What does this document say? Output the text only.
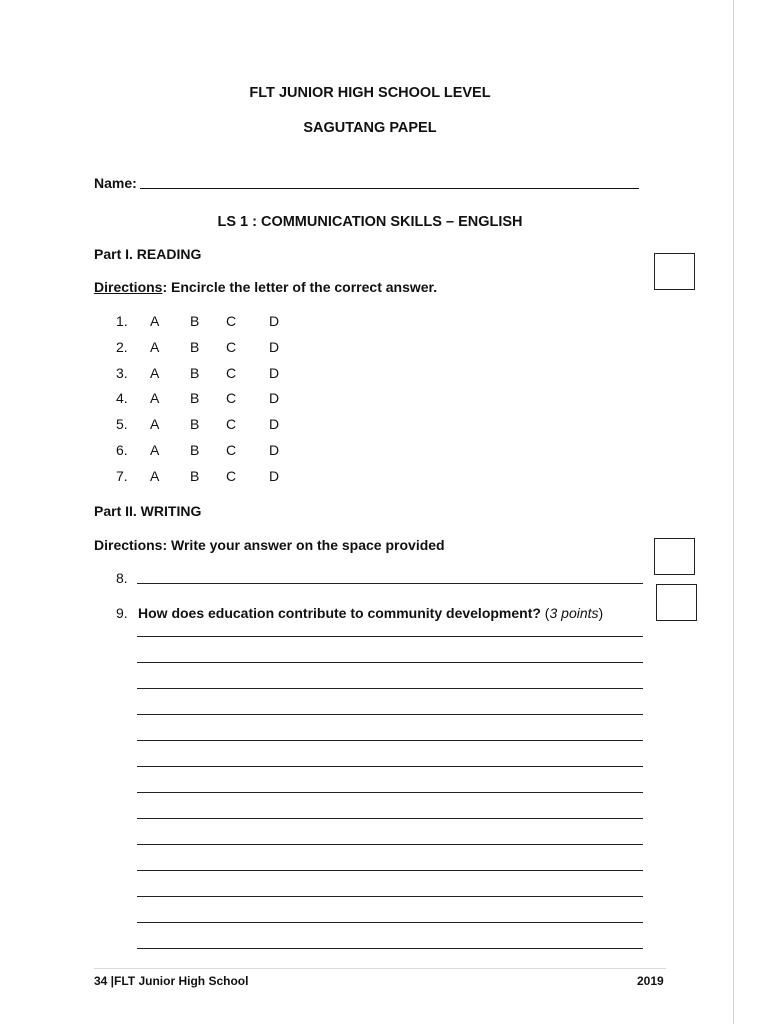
FLT JUNIOR HIGH SCHOOL LEVEL
SAGUTANG PAPEL
Name:
LS 1 : COMMUNICATION SKILLS – ENGLISH
Part I. READING
Directions: Encircle the letter of the correct answer.
1. A B C D
2. A B C D
3. A B C D
4. A B C D
5. A B C D
6. A B C D
7. A B C D
Part II. WRITING
Directions: Write your answer on the space provided
8.
9. How does education contribute to community development? (3 points)
34 |FLT Junior High School	2019
